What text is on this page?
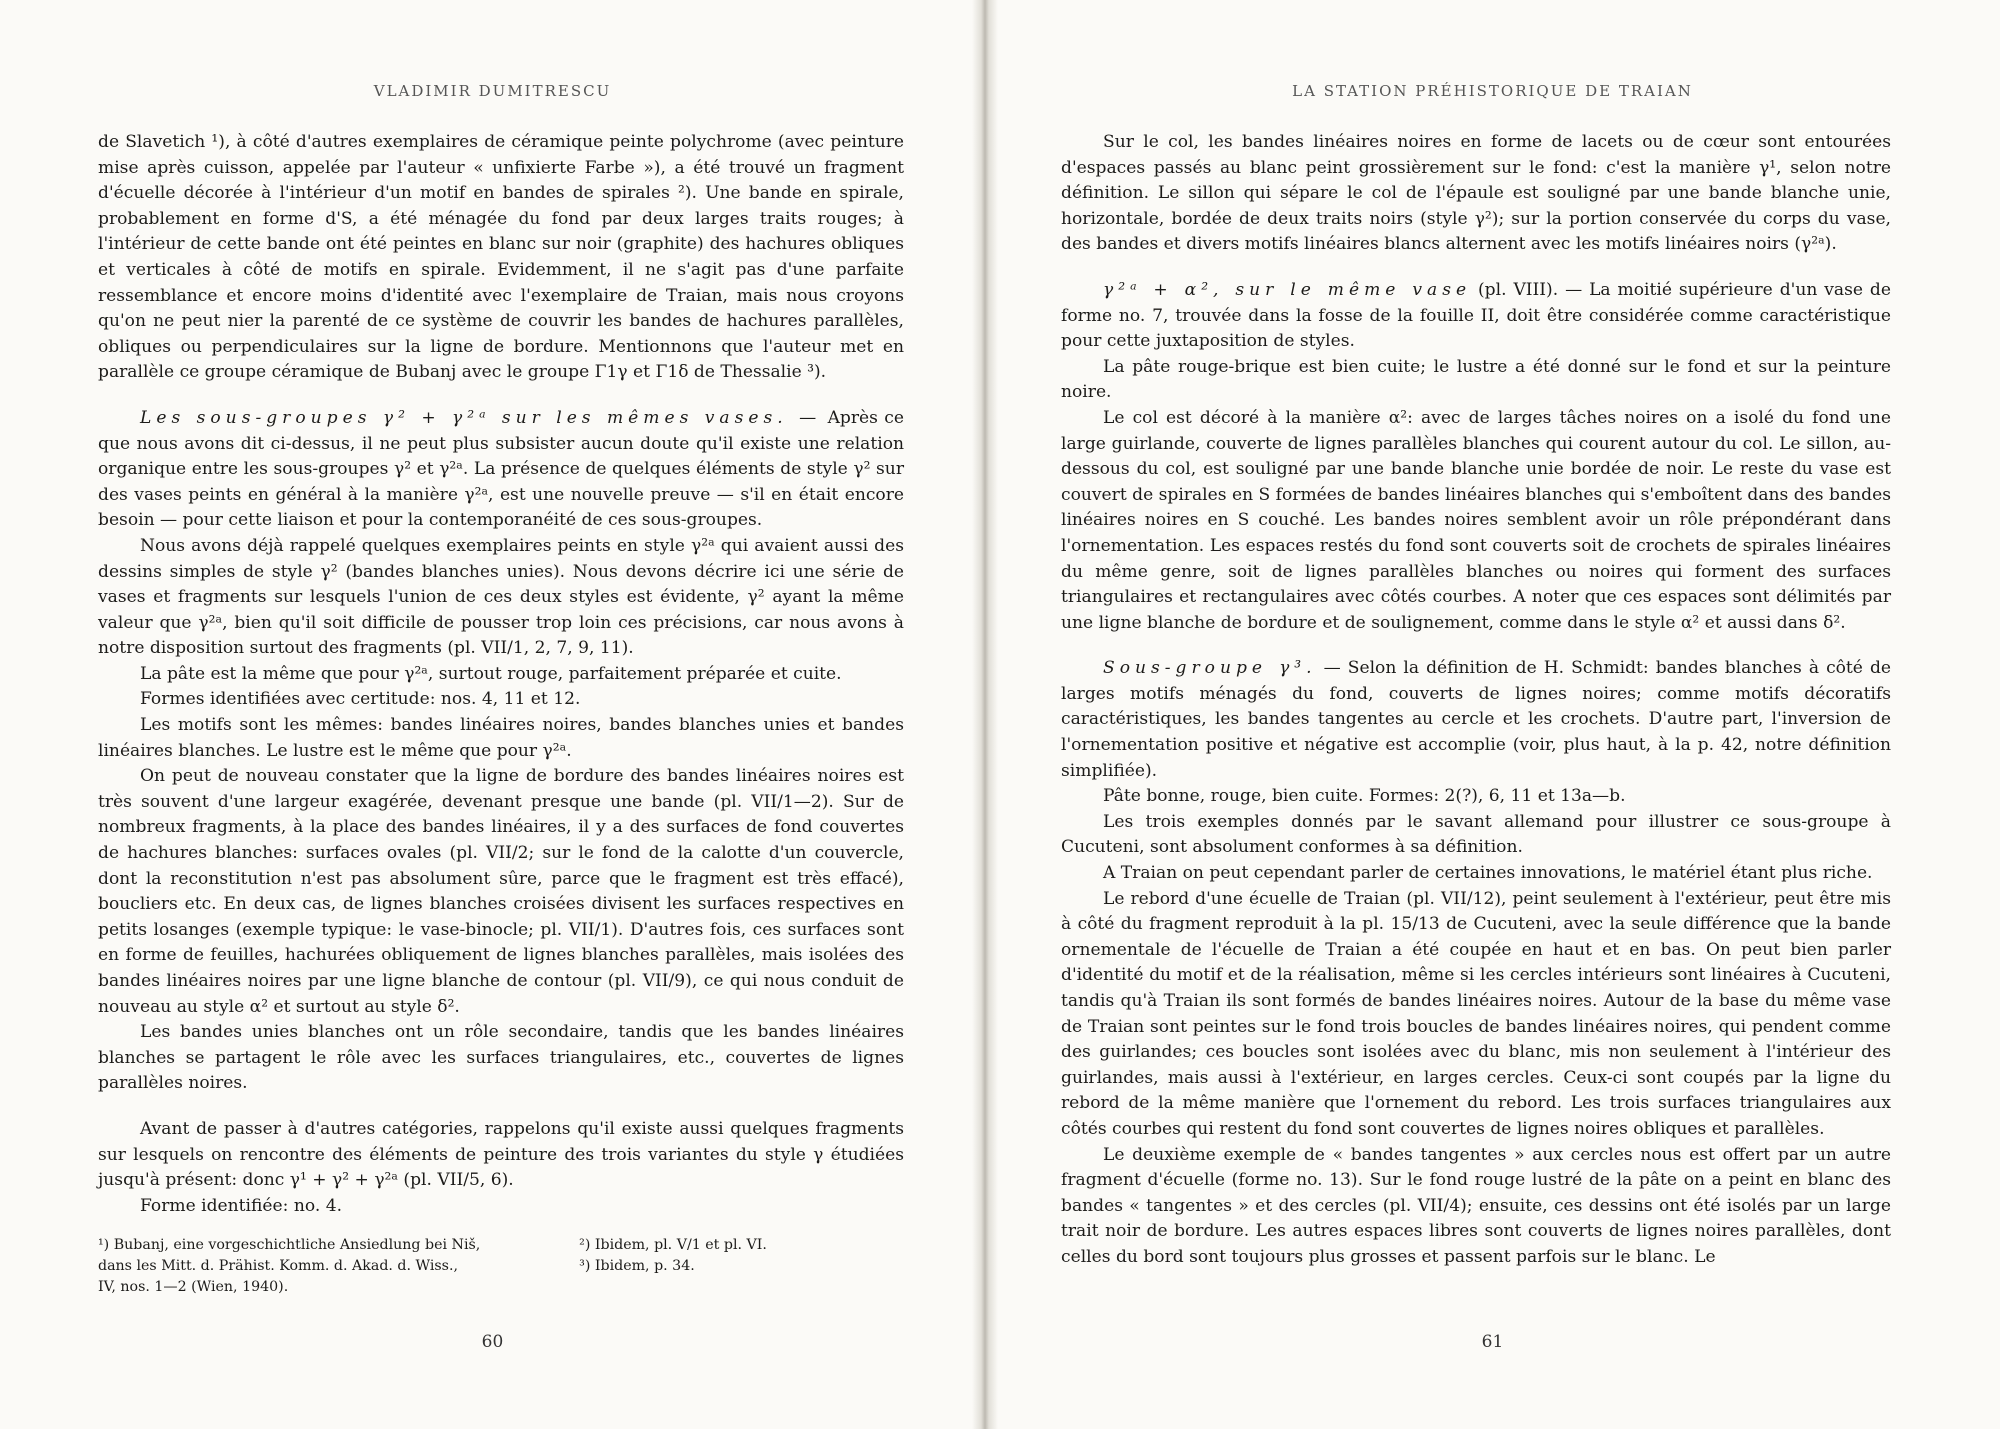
VLADIMIR DUMITRESCU

de Slavetich ¹), à côté d'autres exemplaires de céramique peinte polychrome (avec peinture mise après cuisson, appelée par l'auteur « unfixierte Farbe »), a été trouvé un fragment d'écuelle décorée à l'intérieur d'un motif en bandes de spirales ²). Une bande en spirale, probablement en forme d'S, a été ménagée du fond par deux larges traits rouges; à l'intérieur de cette bande ont été peintes en blanc sur noir (graphite) des hachures obliques et verticales à côté de motifs en spirale. Evidemment, il ne s'agit pas d'une parfaite ressemblance et encore moins d'identité avec l'exemplaire de Traian, mais nous croyons qu'on ne peut nier la parenté de ce système de couvrir les bandes de hachures parallèles, obliques ou perpendiculaires sur la ligne de bordure. Mentionnons que l'auteur met en parallèle ce groupe céramique de Bubanj avec le groupe Γ1γ et Γ1δ de Thessalie ³).

Les sous-groupes γ² + γ²ᵃ sur les mêmes vases. — Après ce que nous avons dit ci-dessus, il ne peut plus subsister aucun doute qu'il existe une relation organique entre les sous-groupes γ² et γ²ᵃ. La présence de quelques éléments de style γ² sur des vases peints en général à la manière γ²ᵃ, est une nouvelle preuve — s'il en était encore besoin — pour cette liaison et pour la contemporanéité de ces sous-groupes.

Nous avons déjà rappelé quelques exemplaires peints en style γ²ᵃ qui avaient aussi des dessins simples de style γ² (bandes blanches unies). Nous devons décrire ici une série de vases et fragments sur lesquels l'union de ces deux styles est évidente, γ² ayant la même valeur que γ²ᵃ, bien qu'il soit difficile de pousser trop loin ces précisions, car nous avons à notre disposition surtout des fragments (pl. VII/1, 2, 7, 9, 11).

La pâte est la même que pour γ²ᵃ, surtout rouge, parfaitement préparée et cuite.

Formes identifiées avec certitude: nos. 4, 11 et 12.

Les motifs sont les mêmes: bandes linéaires noires, bandes blanches unies et bandes linéaires blanches. Le lustre est le même que pour γ²ᵃ.

On peut de nouveau constater que la ligne de bordure des bandes linéaires noires est très souvent d'une largeur exagérée, devenant presque une bande (pl. VII/1—2). Sur de nombreux fragments, à la place des bandes linéaires, il y a des surfaces de fond couvertes de hachures blanches: surfaces ovales (pl. VII/2; sur le fond de la calotte d'un couvercle, dont la reconstitution n'est pas absolument sûre, parce que le fragment est très effacé), boucliers etc. En deux cas, de lignes blanches croisées divisent les surfaces respectives en petits losanges (exemple typique: le vase-binocle; pl. VII/1). D'autres fois, ces surfaces sont en forme de feuilles, hachurées obliquement de lignes blanches parallèles, mais isolées des bandes linéaires noires par une ligne blanche de contour (pl. VII/9), ce qui nous conduit de nouveau au style α² et surtout au style δ².

Les bandes unies blanches ont un rôle secondaire, tandis que les bandes linéaires blanches se partagent le rôle avec les surfaces triangulaires, etc., couvertes de lignes parallèles noires.

Avant de passer à d'autres catégories, rappelons qu'il existe aussi quelques fragments sur lesquels on rencontre des éléments de peinture des trois variantes du style γ étudiées jusqu'à présent: donc γ¹ + γ² + γ²ᵃ (pl. VII/5, 6).

Forme identifiée: no. 4.

¹) Bubanj, eine vorgeschichtliche Ansiedlung bei Niš,

dans les Mitt. d. Prähist. Komm. d. Akad. d. Wiss.,

IV, nos. 1—2 (Wien, 1940).

²) Ibidem, pl. V/1 et pl. VI.

³) Ibidem, p. 34.

60
LA STATION PRÉHISTORIQUE DE TRAIAN

Sur le col, les bandes linéaires noires en forme de lacets ou de cœur sont entourées d'espaces passés au blanc peint grossièrement sur le fond: c'est la manière γ¹, selon notre définition. Le sillon qui sépare le col de l'épaule est souligné par une bande blanche unie, horizontale, bordée de deux traits noirs (style γ²); sur la portion conservée du corps du vase, des bandes et divers motifs linéaires blancs alternent avec les motifs linéaires noirs (γ²ᵃ).

γ²ᵃ + α², sur le même vase (pl. VIII). — La moitié supérieure d'un vase de forme no. 7, trouvée dans la fosse de la fouille II, doit être considérée comme caractéristique pour cette juxtaposition de styles.

La pâte rouge-brique est bien cuite; le lustre a été donné sur le fond et sur la peinture noire.

Le col est décoré à la manière α²: avec de larges tâches noires on a isolé du fond une large guirlande, couverte de lignes parallèles blanches qui courent autour du col. Le sillon, au-dessous du col, est souligné par une bande blanche unie bordée de noir. Le reste du vase est couvert de spirales en S formées de bandes linéaires blanches qui s'emboîtent dans des bandes linéaires noires en S couché. Les bandes noires semblent avoir un rôle prépondérant dans l'ornementation. Les espaces restés du fond sont couverts soit de crochets de spirales linéaires du même genre, soit de lignes parallèles blanches ou noires qui forment des surfaces triangulaires et rectangulaires avec côtés courbes. A noter que ces espaces sont délimités par une ligne blanche de bordure et de soulignement, comme dans le style α² et aussi dans δ².

Sous-groupe γ³. — Selon la définition de H. Schmidt: bandes blanches à côté de larges motifs ménagés du fond, couverts de lignes noires; comme motifs décoratifs caractéristiques, les bandes tangentes au cercle et les crochets. D'autre part, l'inversion de l'ornementation positive et négative est accomplie (voir, plus haut, à la p. 42, notre définition simplifiée).

Pâte bonne, rouge, bien cuite. Formes: 2(?), 6, 11 et 13a—b.

Les trois exemples donnés par le savant allemand pour illustrer ce sous-groupe à Cucuteni, sont absolument conformes à sa définition.

A Traian on peut cependant parler de certaines innovations, le matériel étant plus riche.

Le rebord d'une écuelle de Traian (pl. VII/12), peint seulement à l'extérieur, peut être mis à côté du fragment reproduit à la pl. 15/13 de Cucuteni, avec la seule différence que la bande ornementale de l'écuelle de Traian a été coupée en haut et en bas. On peut bien parler d'identité du motif et de la réalisation, même si les cercles intérieurs sont linéaires à Cucuteni, tandis qu'à Traian ils sont formés de bandes linéaires noires. Autour de la base du même vase de Traian sont peintes sur le fond trois boucles de bandes linéaires noires, qui pendent comme des guirlandes; ces boucles sont isolées avec du blanc, mis non seulement à l'intérieur des guirlandes, mais aussi à l'extérieur, en larges cercles. Ceux-ci sont coupés par la ligne du rebord de la même manière que l'ornement du rebord. Les trois surfaces triangulaires aux côtés courbes qui restent du fond sont couvertes de lignes noires obliques et parallèles.

Le deuxième exemple de « bandes tangentes » aux cercles nous est offert par un autre fragment d'écuelle (forme no. 13). Sur le fond rouge lustré de la pâte on a peint en blanc des bandes « tangentes » et des cercles (pl. VII/4); ensuite, ces dessins ont été isolés par un large trait noir de bordure. Les autres espaces libres sont couverts de lignes noires parallèles, dont celles du bord sont toujours plus grosses et passent parfois sur le blanc. Le

61
